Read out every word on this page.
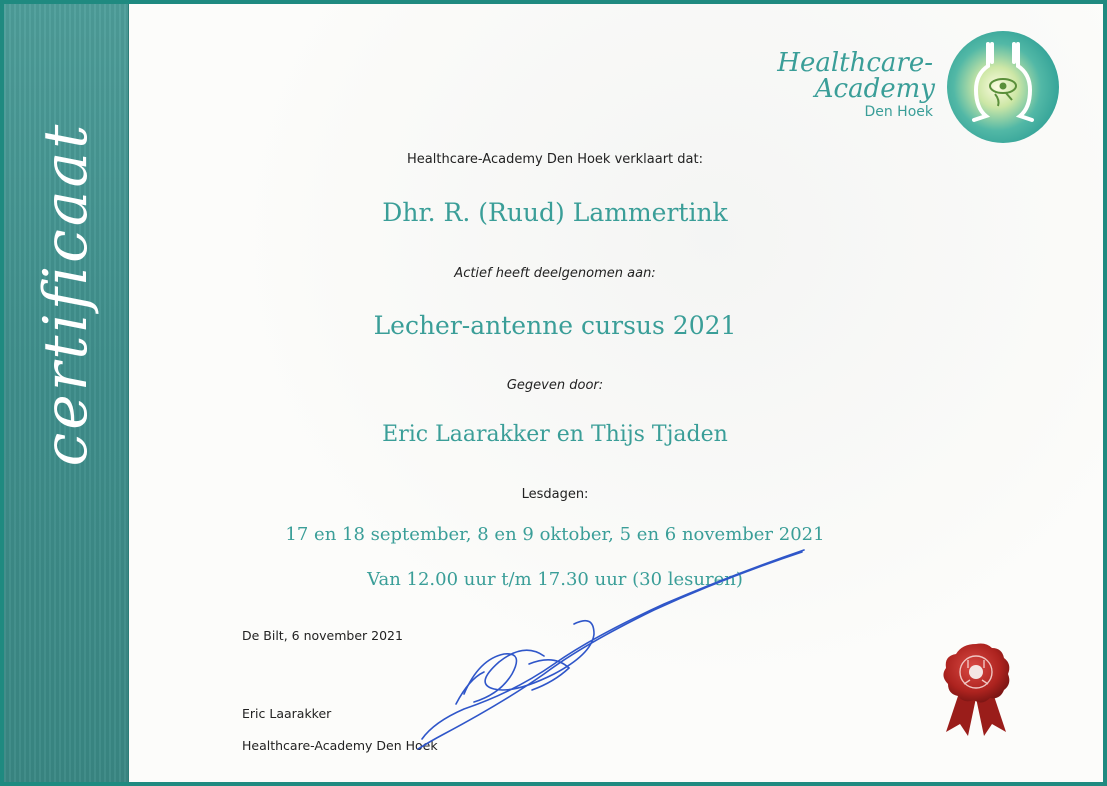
certificaat
Healthcare-
Academy
Den Hoek
Healthcare-Academy Den Hoek verklaart dat:
Dhr. R. (Ruud) Lammertink
Actief heeft deelgenomen aan:
Lecher-antenne cursus 2021
Gegeven door:
Eric Laarakker en Thijs Tjaden
Lesdagen:
17 en 18 september, 8 en 9 oktober, 5 en 6 november 2021
Van 12.00 uur t/m 17.30 uur (30 lesuren)
De Bilt, 6 november 2021
Eric Laarakker
Healthcare-Academy Den Hoek
